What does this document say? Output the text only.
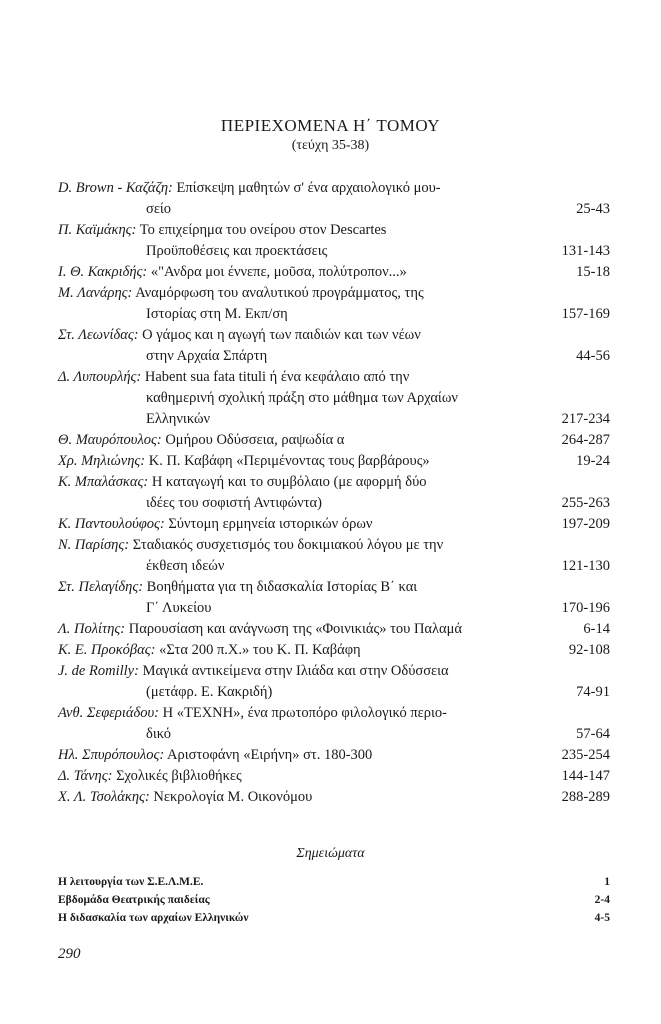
ΠΕΡΙΕΧΟΜΕΝΑ Η΄ ΤΟΜΟΥ
(τεύχη 35-38)
D. Brown - Καζάζη: Επίσκεψη μαθητών σ' ένα αρχαιολογικό μου-
σείο	25-43
Π. Καϊμάκης: Το επιχείρημα του ονείρου στον Descartes
Προϋποθέσεις και προεκτάσεις	131-143
Ι. Θ. Κακριδής: «"Ανδρα μοι έννεπε, μοῦσα, πολύτροπον...»	15-18
Μ. Λανάρης: Αναμόρφωση του αναλυτικού προγράμματος, της
Ιστορίας στη Μ. Εκπ/ση	157-169
Στ. Λεωνίδας: Ο γάμος και η αγωγή των παιδιών και των νέων
στην Αρχαία Σπάρτη	44-56
Δ. Λυπουρλής: Habent sua fata tituli ή ένα κεφάλαιο από την
καθημερινή σχολική πράξη στο μάθημα των Αρχαίων
Ελληνικών	217-234
Θ. Μαυρόπουλος: Ομήρου Οδύσσεια, ραψωδία α	264-287
Χρ. Μηλιώνης: Κ. Π. Καβάφη «Περιμένοντας τους βαρβάρους»	19-24
Κ. Μπαλάσκας: Η καταγωγή και το συμβόλαιο (με αφορμή δύο
ιδέες του σοφιστή Αντιφώντα)	255-263
Κ. Παντουλούφος: Σύντομη ερμηνεία ιστορικών όρων	197-209
Ν. Παρίσης: Σταδιακός συσχετισμός του δοκιμιακού λόγου με την
έκθεση ιδεών	121-130
Στ. Πελαγίδης: Βοηθήματα για τη διδασκαλία Ιστορίας Β΄ και
Γ΄ Λυκείου	170-196
Λ. Πολίτης: Παρουσίαση και ανάγνωση της «Φοινικιάς» του Παλαμά	6-14
Κ. Ε. Προκόβας: «Στα 200 π.Χ.» του Κ. Π. Καβάφη	92-108
J. de Romilly: Μαγικά αντικείμενα στην Ιλιάδα και στην Οδύσσεια
(μετάφρ. Ε. Κακριδή)	74-91
Ανθ. Σεφεριάδου: Η «ΤΕΧΝΗ», ένα πρωτοπόρο φιλολογικό περιο-
δικό	57-64
Ηλ. Σπυρόπουλος: Αριστοφάνη «Ειρήνη» στ. 180-300	235-254
Δ. Τάνης: Σχολικές βιβλιοθήκες	144-147
Χ. Λ. Τσολάκης: Νεκρολογία Μ. Οικονόμου	288-289
Σημειώματα
Η λειτουργία των Σ.Ε.Λ.Μ.Ε.	1
Εβδομάδα Θεατρικής παιδείας	2-4
Η διδασκαλία των αρχαίων Ελληνικών	4-5
290
